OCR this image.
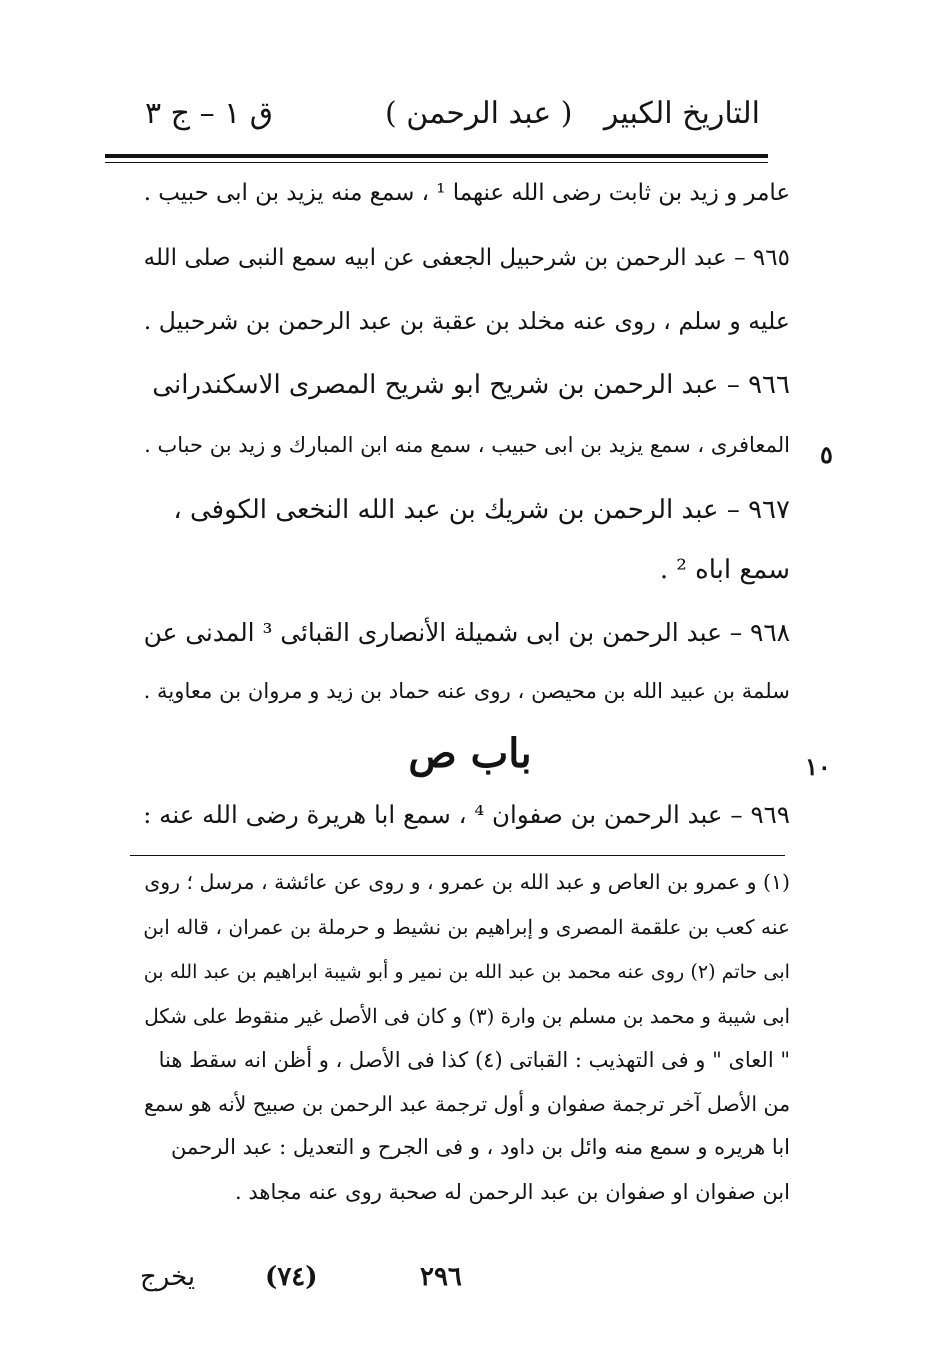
التاريخ الكبير
( عبد الرحمن )
ق ١ – ج ٣
عامر و زيد بن ثابت رضى الله عنهما ¹ ، سمع منه يزيد بن ابى حبيب .
٩٦٥ – عبد الرحمن بن شرحبيل الجعفى عن ابيه سمع النبى صلى الله
عليه و سلم ، روى عنه مخلد بن عقبة بن عبد الرحمن بن شرحبيل .
٩٦٦ – عبد الرحمن بن شريح ابو شريح المصرى الاسكندرانى
المعافرى ، سمع يزيد بن ابى حبيب ، سمع منه ابن المبارك و زيد بن حباب .
٩٦٧ – عبد الرحمن بن شريك بن عبد الله النخعى الكوفى ،
سمع اباه ² .
٩٦٨ – عبد الرحمن بن ابى شميلة الأنصارى القبائى ³ المدنى عن
سلمة بن عبيد الله بن محيصن ، روى عنه حماد بن زيد و مروان بن معاوية .
٩٦٩ – عبد الرحمن بن صفوان ⁴ ، سمع ابا هريرة رضى الله عنه :
٥
١٠
باب ص
(١) و عمرو بن العاص و عبد الله بن عمرو ، و روى عن عائشة ، مرسل ؛ روى
عنه كعب بن علقمة المصرى و إبراهيم بن نشيط و حرملة بن عمران ، قاله ابن
ابى حاتم (٢) روى عنه محمد بن عبد الله بن نمير و أبو شيبة ابراهيم بن عبد الله بن
ابى شيبة و محمد بن مسلم بن وارة (٣) و كان فى الأصل غير منقوط على شكل
" العاى " و فى التهذيب : القباتى (٤) كذا فى الأصل ، و أظن انه سقط هنا
من الأصل آخر ترجمة صفوان و أول ترجمة عبد الرحمن بن صبيح لأنه هو سمع
ابا هريره و سمع منه وائل بن داود ، و فى الجرح و التعديل : عبد الرحمن
ابن صفوان او صفوان بن عبد الرحمن له صحبة روى عنه مجاهد .
٢٩٦
(٧٤)
يخرج
